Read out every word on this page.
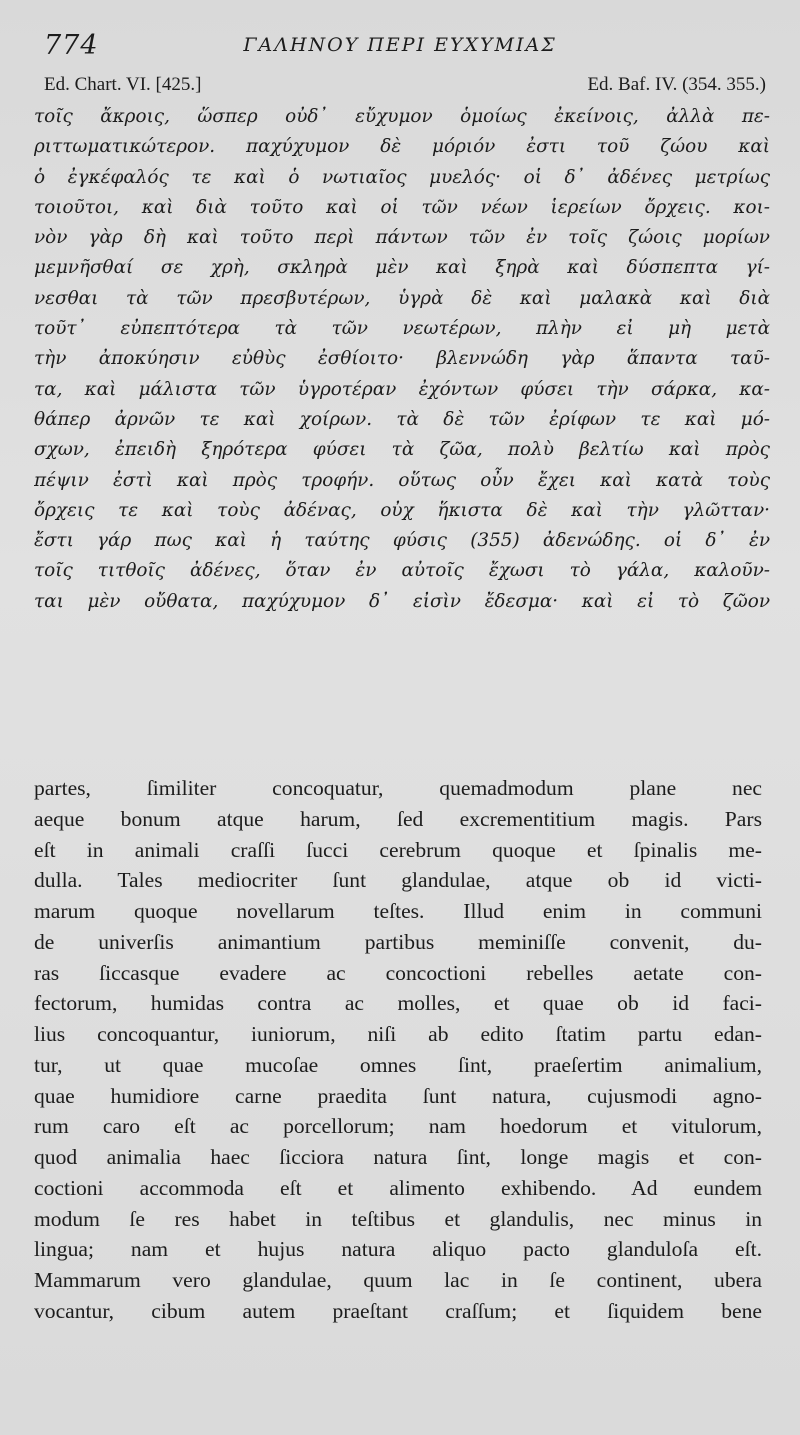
774	ΓΑΛΗΝΟΥ ΠΕΡΙ ΕΥΧΥΜΙΑΣ
Ed. Chart. VI. [425.]	Ed. Baf. IV. (354. 355.)
τοῖς ἄκροις, ὥσπερ οὐδ᾽ εὔχυμον ὁμοίως ἐκείνοις, ἀλλὰ πε-
ριττωματικώτερον. παχύχυμον δὲ μόριόν ἐστι τοῦ ζώου καὶ
ὁ ἐγκέφαλός τε καὶ ὁ νωτιαῖος μυελός· οἱ δ᾽ ἀδένες μετρίως
τοιοῦτοι, καὶ διὰ τοῦτο καὶ οἱ τῶν νέων ἱερείων ὄρχεις. κοι-
νὸν γὰρ δὴ καὶ τοῦτο περὶ πάντων τῶν ἐν τοῖς ζώοις μορίων
μεμνῆσθαί σε χρὴ, σκληρὰ μὲν καὶ ξηρὰ καὶ δύσπεπτα γί-
νεσθαι τὰ τῶν πρεσβυτέρων, ὑγρὰ δὲ καὶ μαλακὰ καὶ διὰ
τοῦτ᾽ εὐπεπτότερα τὰ τῶν νεωτέρων, πλὴν εἰ μὴ μετὰ
τὴν ἀποκύησιν εὐθὺς ἐσθίοιτο· βλεννώδη γὰρ ἅπαντα ταῦ-
τα, καὶ μάλιστα τῶν ὑγροτέραν ἐχόντων φύσει τὴν σάρκα, κα-
θάπερ ἀρνῶν τε καὶ χοίρων. τὰ δὲ τῶν ἐρίφων τε καὶ μό-
σχων, ἐπειδὴ ξηρότερα φύσει τὰ ζῶα, πολὺ βελτίω καὶ πρὸς
πέψιν ἐστὶ καὶ πρὸς τροφήν. οὕτως οὖν ἔχει καὶ κατὰ τοὺς
ὄρχεις τε καὶ τοὺς ἀδένας, οὐχ ἥκιστα δὲ καὶ τὴν γλῶτταν·
ἔστι γάρ πως καὶ ἡ ταύτης φύσις (355) ἀδενώδης. οἱ δ᾽ ἐν
τοῖς τιτθοῖς ἀδένες, ὅταν ἐν αὐτοῖς ἔχωσι τὸ γάλα, καλοῦν-
ται μὲν οὔθατα, παχύχυμον δ᾽ εἰσὶν ἔδεσμα· καὶ εἰ τὸ ζῶον
partes, ſimiliter concoquatur, quemadmodum plane nec
aeque bonum atque harum, ſed excrementitium magis. Pars
eſt in animali craſſi ſucci cerebrum quoque et ſpinalis me-
dulla. Tales mediocriter ſunt glandulae, atque ob id victi-
marum quoque novellarum teſtes. Illud enim in communi
de univerſis animantium partibus meminiſſe convenit, du-
ras ſiccasque evadere ac concoctioni rebelles aetate con-
fectorum, humidas contra ac molles, et quae ob id faci-
lius concoquantur, iuniorum, niſi ab edito ſtatim partu edan-
tur, ut quae mucoſae omnes ſint, praeſertim animalium,
quae humidiore carne praedita ſunt natura, cujusmodi agno-
rum caro eſt ac porcellorum; nam hoedorum et vitulorum,
quod animalia haec ſicciora natura ſint, longe magis et con-
coctioni accommoda eſt et alimento exhibendo. Ad eundem
modum ſe res habet in teſtibus et glandulis, nec minus in
lingua; nam et hujus natura aliquo pacto glanduloſa eſt.
Mammarum vero glandulae, quum lac in ſe continent, ubera
vocantur, cibum autem praeſtant craſſum; et ſiquidem bene
